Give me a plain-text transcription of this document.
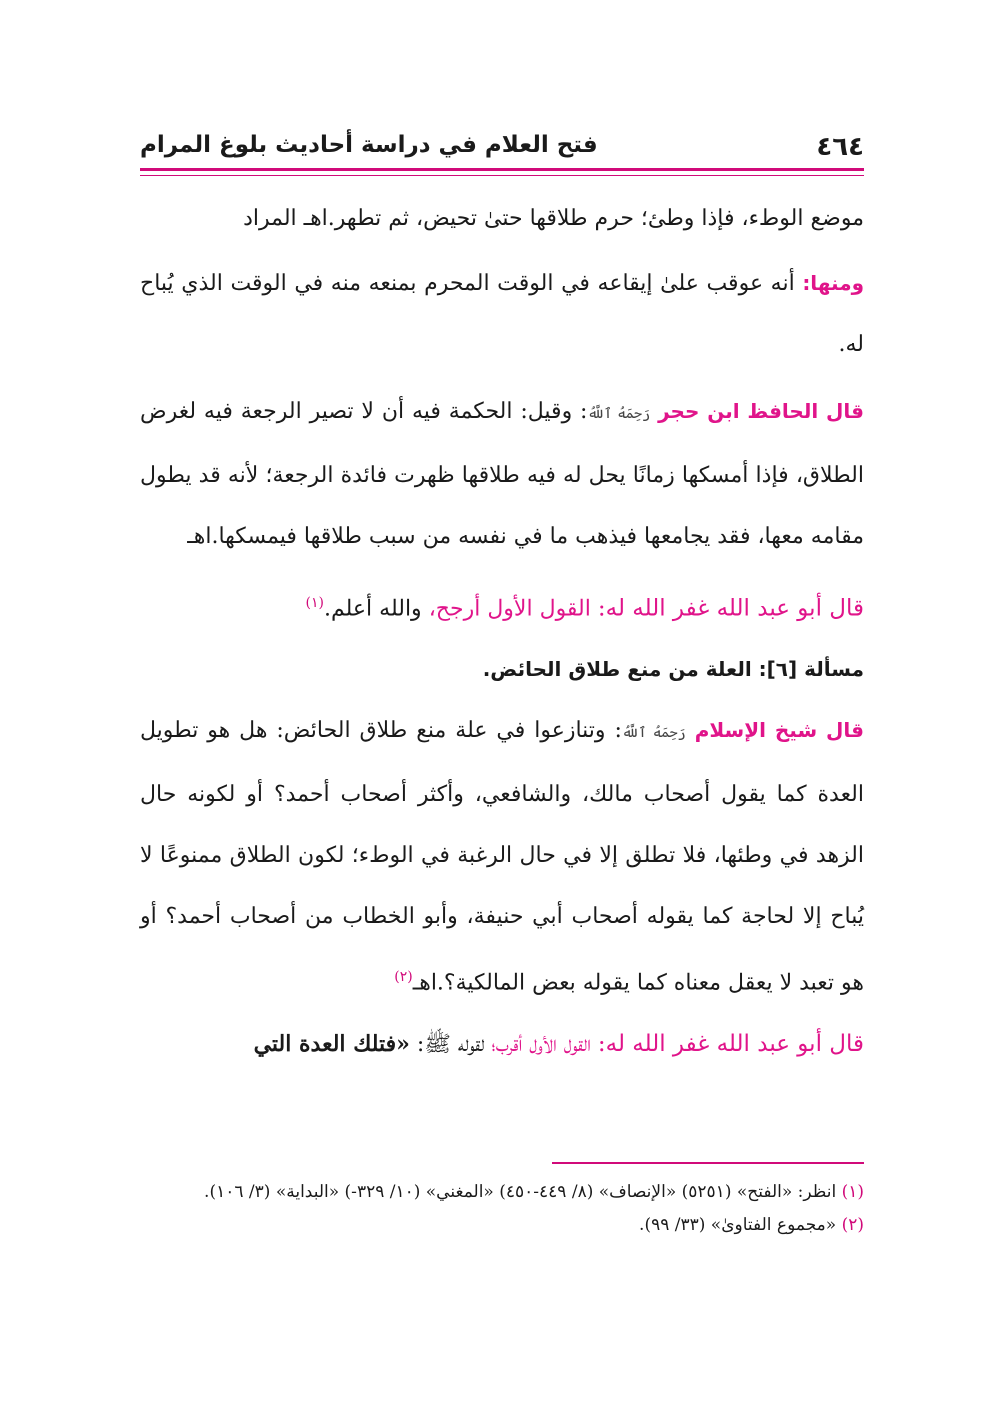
٤٦٤
فتح العلام في دراسة أحاديث بلوغ المرام

موضع الوطء، فإذا وطئ؛ حرم طلاقها حتىٰ تحيض، ثم تطهر.اهـ المراد

ومنها: أنه عوقب علىٰ إيقاعه في الوقت المحرم بمنعه منه في الوقت الذي يُباح له.

قال الحافظ ابن حجر رَحِمَهُ ٱللَّهُ: وقيل: الحكمة فيه أن لا تصير الرجعة فيه لغرض الطلاق، فإذا أمسكها زمانًا يحل له فيه طلاقها ظهرت فائدة الرجعة؛ لأنه قد يطول مقامه معها، فقد يجامعها فيذهب ما في نفسه من سبب طلاقها فيمسكها.اهـ

قال أبو عبد الله غفر الله له: القول الأول أرجح، والله أعلم.$^{(١)}$

مسألة [٦]: العلة من منع طلاق الحائض.

قال شيخ الإسلام رَحِمَهُ ٱللَّهُ: وتنازعوا في علة منع طلاق الحائض: هل هو تطويل العدة كما يقول أصحاب مالك، والشافعي، وأكثر أصحاب أحمد؟ أو لكونه حال الزهد في وطئها، فلا تطلق إلا في حال الرغبة في الوطء؛ لكون الطلاق ممنوعًا لا يُباح إلا لحاجة كما يقوله أصحاب أبي حنيفة، وأبو الخطاب من أصحاب أحمد؟ أو هو تعبد لا يعقل معناه كما يقوله بعض المالكية؟.اهـ$^{(٢)}$

قال أبو عبد الله غفر الله له: القول الأول أقرب؛ لقوله ﷺ: «فتلك العدة التي

(١) انظر: «الفتح» (٥٢٥١) «الإنصاف» (٨/ ٤٤٩-٤٥٠) «المغني» (١٠/ ٣٢٩-) «البداية» (٣/ ١٠٦).

(٢) «مجموع الفتاوىٰ» (٣٣/ ٩٩).
